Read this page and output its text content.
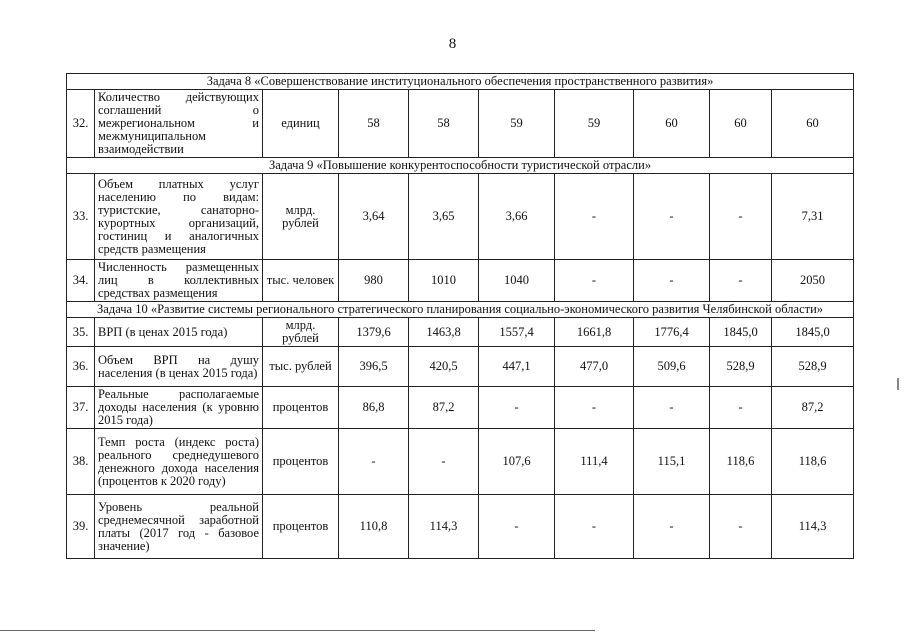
8
Задача 8 «Совершенствование институционального обеспечения пространственного развития»									
32.	Количество действующих соглашений о межрегиональном и межмуниципальном взаимодействии	единиц	58	58	59	59	60	60	60
Задача 9 «Повышение конкурентоспособности туристической отрасли»									
33.	Объем платных услуг населению по видам: туристские, санаторно-курортных организаций, гостиниц и аналогичных средств размещения	млрд. рублей	3,64	3,65	3,66	-	-	-	7,31
34.	Численность размещенных лиц в коллективных средствах размещения	тыс. человек	980	1010	1040	-	-	-	2050
Задача 10 «Развитие системы регионального стратегического планирования социально-экономического развития Челябинской области»									
35.	ВРП (в ценах 2015 года)	млрд. рублей	1379,6	1463,8	1557,4	1661,8	1776,4	1845,0	1845,0
36.	Объем ВРП на душу населения (в ценах 2015 года)	тыс. рублей	396,5	420,5	447,1	477,0	509,6	528,9	528,9
37.	Реальные располагаемые доходы населения (к уровню 2015 года)	процентов	86,8	87,2	-	-	-	-	87,2
38.	Темп роста (индекс роста) реального среднедушевого денежного дохода населения (процентов к 2020 году)	процентов	-	-	107,6	111,4	115,1	118,6	118,6
39.	Уровень реальной среднемесячной заработной платы (2017 год - базовое значение)	процентов	110,8	114,3	-	-	-	-	114,3
